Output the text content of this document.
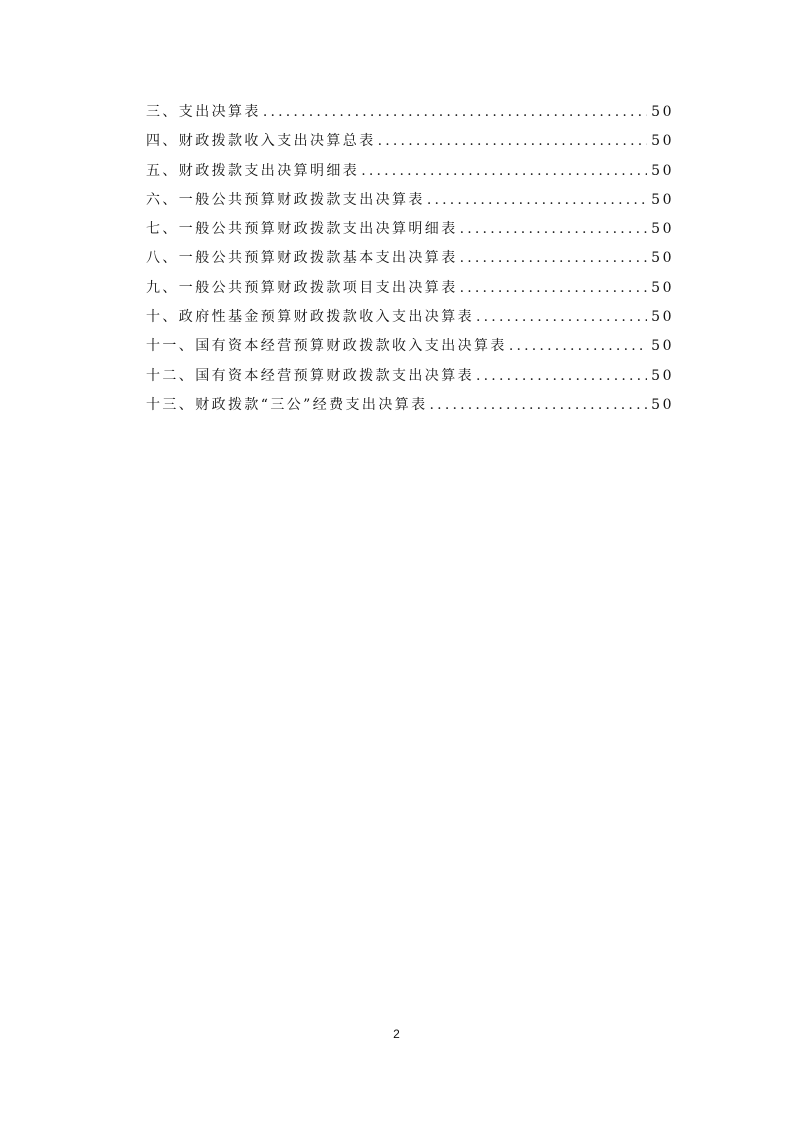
三、支出决算表 .....	50
四、财政拨款收入支出决算总表 .....	50
五、财政拨款支出决算明细表 .....	50
六、一般公共预算财政拨款支出决算表 .....	50
七、一般公共预算财政拨款支出决算明细表 .....	50
八、一般公共预算财政拨款基本支出决算表 .....	50
九、一般公共预算财政拨款项目支出决算表 .....	50
十、政府性基金预算财政拨款收入支出决算表 .....	50
十一、国有资本经营预算财政拨款收入支出决算表 .....	50
十二、国有资本经营预算财政拨款支出决算表 .....	50
十三、财政拨款“三公”经费支出决算表 .....	50
2
